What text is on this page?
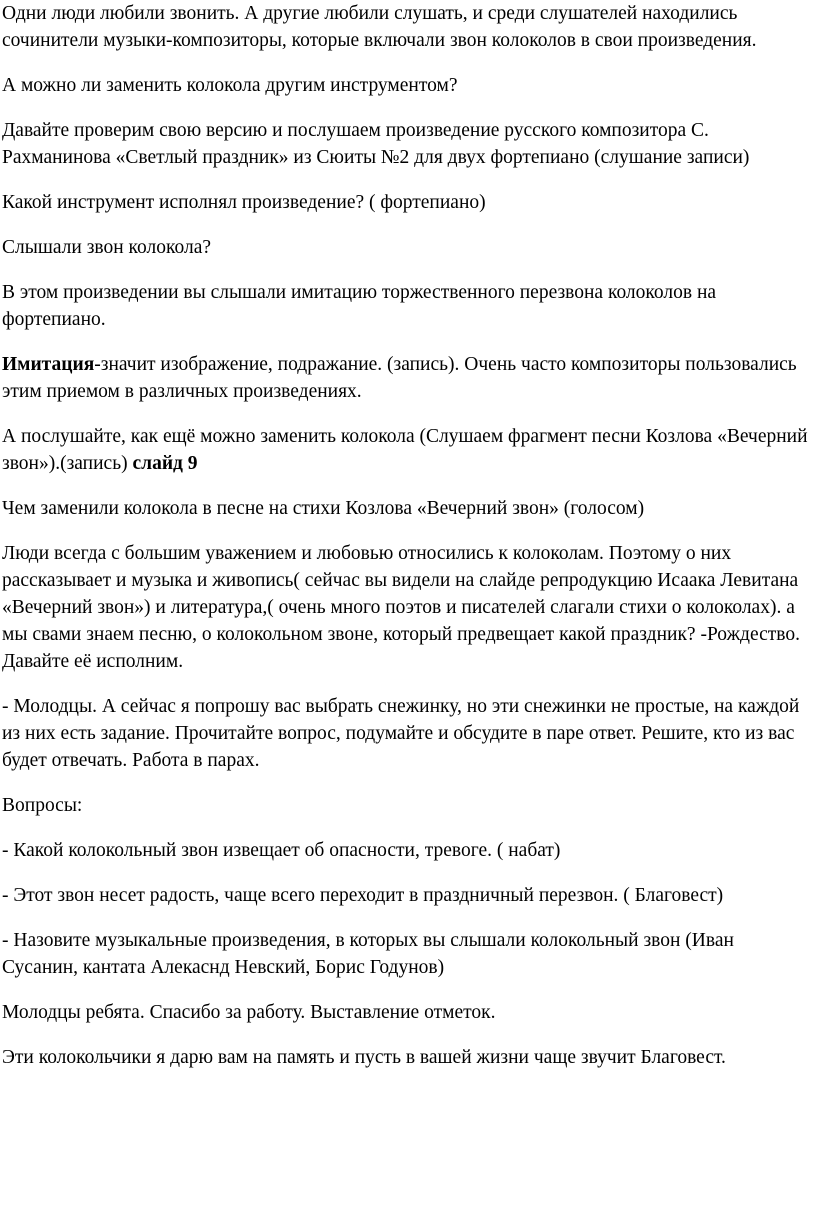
Одни люди любили звонить. А другие любили слушать, и среди слушателей находились сочинители музыки-композиторы, которые включали звон колоколов в свои произведения.

А можно ли заменить колокола другим инструментом?

Давайте проверим свою версию и послушаем произведение русского композитора С. Рахманинова «Светлый праздник» из Сюиты №2 для двух фортепиано (слушание записи)

Какой инструмент исполнял произведение? ( фортепиано)

Слышали звон колокола?

В этом произведении вы слышали имитацию торжественного перезвона колоколов на фортепиано.

Имитация-значит изображение, подражание. (запись). Очень часто композиторы пользовались этим приемом в различных произведениях.

А послушайте, как ещё можно заменить колокола (Слушаем фрагмент песни Козлова «Вечерний звон»).(запись) слайд 9

Чем заменили колокола в песне на стихи Козлова «Вечерний звон» (голосом)

Люди всегда с большим уважением и любовью относились к колоколам. Поэтому о них рассказывает и музыка и живопись( сейчас вы видели на слайде репродукцию Исаака Левитана «Вечерний звон») и литература,( очень много поэтов и писателей слагали стихи о колоколах). а мы свами знаем песню, о колокольном звоне, который предвещает какой праздник? -Рождество. Давайте её исполним.

- Молодцы. А сейчас я попрошу вас выбрать снежинку, но эти снежинки не простые, на каждой из них есть задание. Прочитайте вопрос, подумайте и обсудите в паре ответ. Решите, кто из вас будет отвечать. Работа в парах.

Вопросы:

- Какой колокольный звон извещает об опасности, тревоге. ( набат)

- Этот звон несет радость, чаще всего переходит в праздничный перезвон. ( Благовест)

- Назовите музыкальные произведения, в которых вы слышали колокольный звон (Иван Сусанин, кантата Алекаснд Невский, Борис Годунов)

Молодцы ребята. Спасибо за работу. Выставление отметок.

Эти колокольчики я дарю вам на память и пусть в вашей жизни чаще звучит Благовест.
